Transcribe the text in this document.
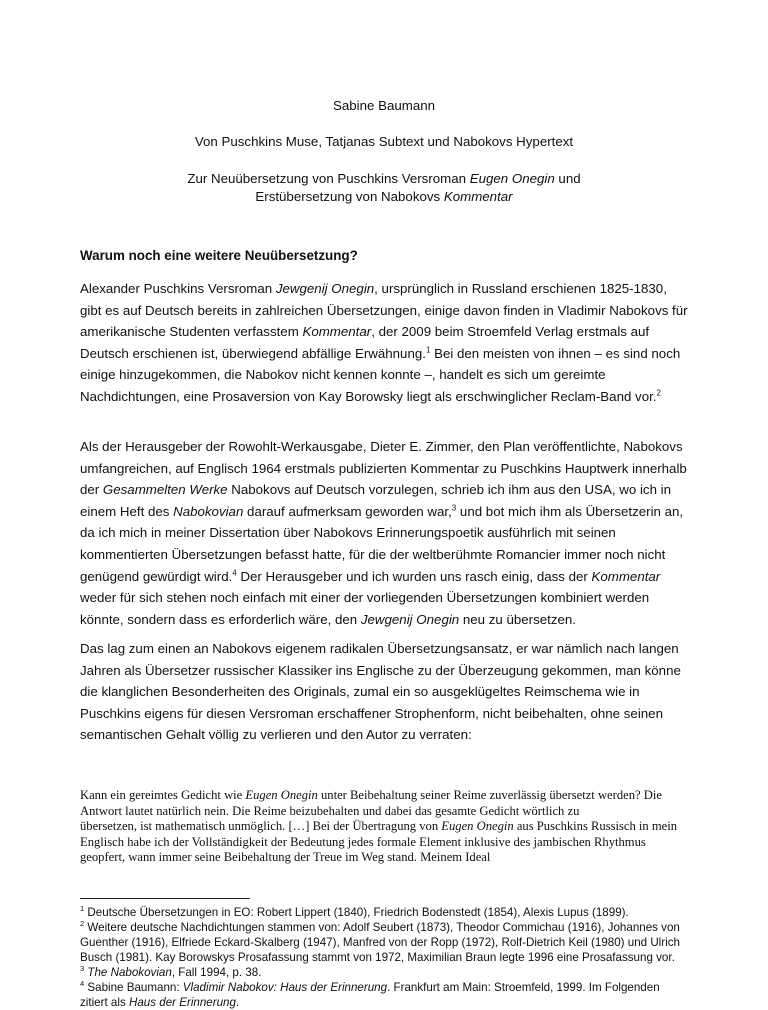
Sabine Baumann
Von Puschkins Muse, Tatjanas Subtext und Nabokovs Hypertext
Zur Neuübersetzung von Puschkins Versroman Eugen Onegin und
Erstübersetzung von Nabokovs Kommentar
Warum noch eine weitere Neuübersetzung?

Alexander Puschkins Versroman Jewgenij Onegin, ursprünglich in Russland erschienen 1825-1830, gibt es auf Deutsch bereits in zahlreichen Übersetzungen, einige davon finden in Vladimir Nabokovs für amerikanische Studenten verfasstem Kommentar, der 2009 beim Stroemfeld Verlag erstmals auf Deutsch erschienen ist, überwiegend abfällige Erwähnung.$^1$ Bei den meisten von ihnen – es sind noch einige hinzugekommen, die Nabokov nicht kennen konnte –, handelt es sich um gereimte Nachdichtungen, eine Prosaversion von Kay Borowsky liegt als erschwinglicher Reclam-Band vor.$^2$

Als der Herausgeber der Rowohlt-Werkausgabe, Dieter E. Zimmer, den Plan veröffentlichte, Nabokovs umfangreichen, auf Englisch 1964 erstmals publizierten Kommentar zu Puschkins Hauptwerk innerhalb der Gesammelten Werke Nabokovs auf Deutsch vorzulegen, schrieb ich ihm aus den USA, wo ich in einem Heft des Nabokovian darauf aufmerksam geworden war,$^3$ und bot mich ihm als Übersetzerin an, da ich mich in meiner Dissertation über Nabokovs Erinnerungspoetik ausführlich mit seinen kommentierten Übersetzungen befasst hatte, für die der weltberühmte Romancier immer noch nicht genügend gewürdigt wird.$^4$ Der Herausgeber und ich wurden uns rasch einig, dass der Kommentar weder für sich stehen noch einfach mit einer der vorliegenden Übersetzungen kombiniert werden könnte, sondern dass es erforderlich wäre, den Jewgenij Onegin neu zu übersetzen.

Das lag zum einen an Nabokovs eigenem radikalen Übersetzungsansatz, er war nämlich nach langen Jahren als Übersetzer russischer Klassiker ins Englische zu der Überzeugung gekommen, man könne die klanglichen Besonderheiten des Originals, zumal ein so ausgeklügeltes Reimschema wie in Puschkins eigens für diesen Versroman erschaffener Strophenform, nicht beibehalten, ohne seinen semantischen Gehalt völlig zu verlieren und den Autor zu verraten:

Kann ein gereimtes Gedicht wie Eugen Onegin unter Beibehaltung seiner Reime zuverlässig übersetzt werden? Die Antwort lautet natürlich nein. Die Reime beizubehalten und dabei das gesamte Gedicht wörtlich zu
übersetzen, ist mathematisch unmöglich. […] Bei der Übertragung von Eugen Onegin aus Puschkins Russisch in mein Englisch habe ich der Vollständigkeit der Bedeutung jedes formale Element inklusive des jambischen Rhythmus geopfert, wann immer seine Beibehaltung der Treue im Weg stand. Meinem Ideal

$^1$ Deutsche Übersetzungen in EO: Robert Lippert (1840), Friedrich Bodenstedt (1854), Alexis Lupus (1899).
$^2$ Weitere deutsche Nachdichtungen stammen von: Adolf Seubert (1873), Theodor Commichau (1916), Johannes von Guenther (1916), Elfriede Eckard-Skalberg (1947), Manfred von der Ropp (1972), Rolf-Dietrich Keil (1980) und Ulrich Busch (1981). Kay Borowskys Prosafassung stammt von 1972, Maximilian Braun legte 1996 eine Prosafassung vor.
$^3$ The Nabokovian, Fall 1994, p. 38.
$^4$ Sabine Baumann: Vladimir Nabokov: Haus der Erinnerung. Frankfurt am Main: Stroemfeld, 1999. Im Folgenden zitiert als Haus der Erinnerung.
